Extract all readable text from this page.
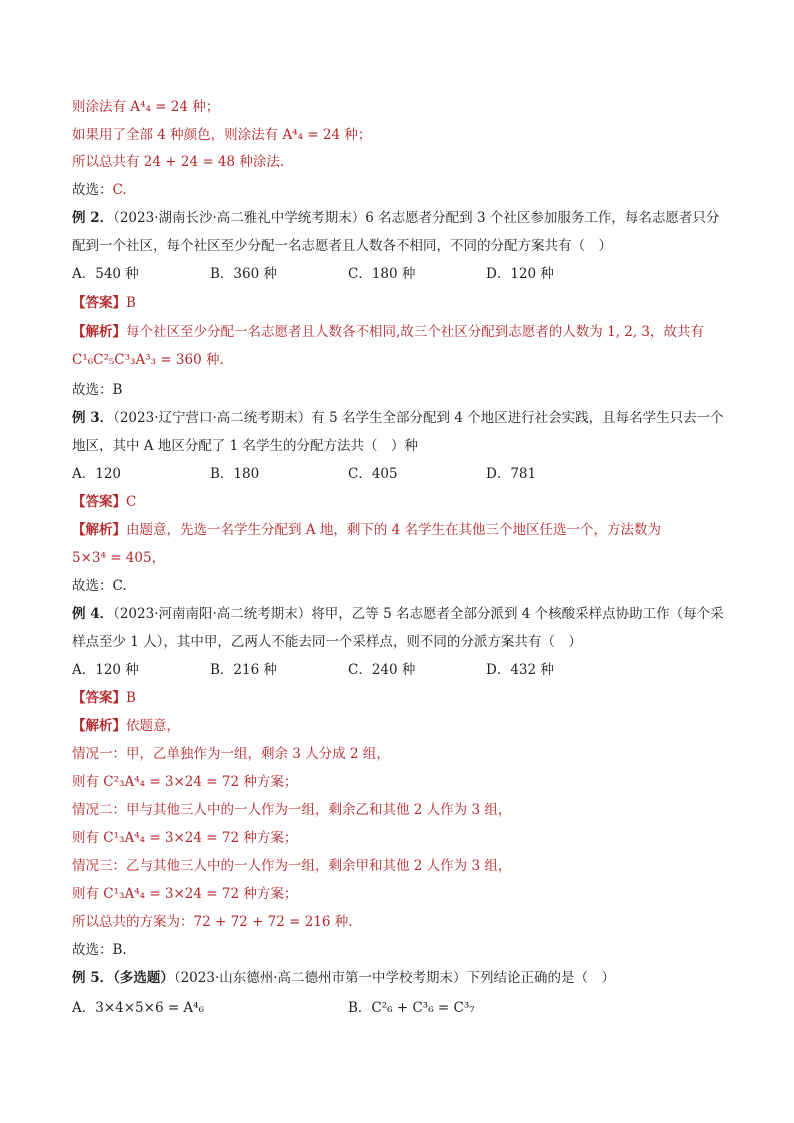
则涂法有 A⁴₄ = 24 种；
如果用了全部 4 种颜色，则涂法有 A⁴₄ = 24 种；
所以总共有 24 + 24 = 48 种涂法.
故选：C.
例 2．（2023·湖南长沙·高二雅礼中学统考期末）6 名志愿者分配到 3 个社区参加服务工作，每名志愿者只分
配到一个社区，每个社区至少分配一名志愿者且人数各不相同，不同的分配方案共有（　）
A．540 种	B．360 种	C．180 种	D．120 种
【答案】B
【解析】每个社区至少分配一名志愿者且人数各不相同,故三个社区分配到志愿者的人数为 1, 2, 3，故共有
C¹₆C²₅C³₃A³₃ = 360 种.
故选：B
例 3．（2023·辽宁营口·高二统考期末）有 5 名学生全部分配到 4 个地区进行社会实践，且每名学生只去一个
地区，其中 A 地区分配了 1 名学生的分配方法共（　）种
A．120	B．180	C．405	D．781
【答案】C
【解析】由题意，先选一名学生分配到 A 地，剩下的 4 名学生在其他三个地区任选一个，方法数为
5×3⁴ = 405，
故选：C.
例 4．（2023·河南南阳·高二统考期末）将甲，乙等 5 名志愿者全部分派到 4 个核酸采样点协助工作（每个采
样点至少 1 人），其中甲，乙两人不能去同一个采样点，则不同的分派方案共有（　）
A．120 种	B．216 种	C．240 种	D．432 种
【答案】B
【解析】依题意，
情况一：甲，乙单独作为一组，剩余 3 人分成 2 组，
则有 C²₃A⁴₄ = 3×24 = 72 种方案；
情况二：甲与其他三人中的一人作为一组，剩余乙和其他 2 人作为 3 组，
则有 C¹₃A⁴₄ = 3×24 = 72 种方案；
情况三：乙与其他三人中的一人作为一组，剩余甲和其他 2 人作为 3 组，
则有 C¹₃A⁴₄ = 3×24 = 72 种方案；
所以总共的方案为：72 + 72 + 72 = 216 种.
故选：B.
例 5．（多选题）（2023·山东德州·高二德州市第一中学校考期末）下列结论正确的是（　）
A．3×4×5×6 = A⁴₆	B．C²₆ + C³₆ = C³₇
